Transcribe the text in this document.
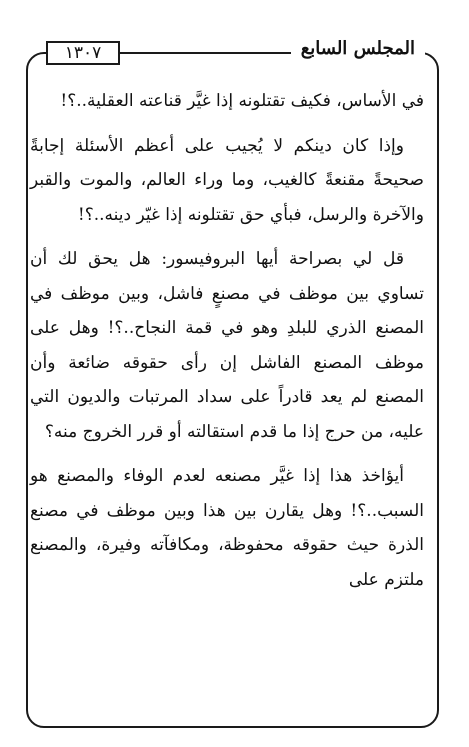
المجلس السابع
١٣٠٧

في الأساس، فكيف تقتلونه إذا غيَّر قناعته العقلية..؟!

وإذا كان دينكم لا يُجيب على أعظم الأسئلة إجابةً صحيحةً مقنعةً كالغيب، وما وراء العالم، والموت والقبر والآخرة والرسل، فبأي حق تقتلونه إذا غيّر دينه..؟!

قل لي بصراحة أيها البروفيسور: هل يحق لك أن تساوي بين موظف في مصنعٍ فاشل، وبين موظف في المصنع الذري للبلدِ وهو في قمة النجاح..؟! وهل على موظف المصنع الفاشل إن رأى حقوقه ضائعة وأن المصنع لم يعد قادراً على سداد المرتبات والديون التي عليه، من حرج إذا ما قدم استقالته أو قرر الخروج منه؟

أيؤاخذ هذا إذا غيَّر مصنعه لعدم الوفاء والمصنع هو السبب..؟! وهل يقارن بين هذا وبين موظف في مصنع الذرة حيث حقوقه محفوظة، ومكافآته وفيرة، والمصنع ملتزم على
